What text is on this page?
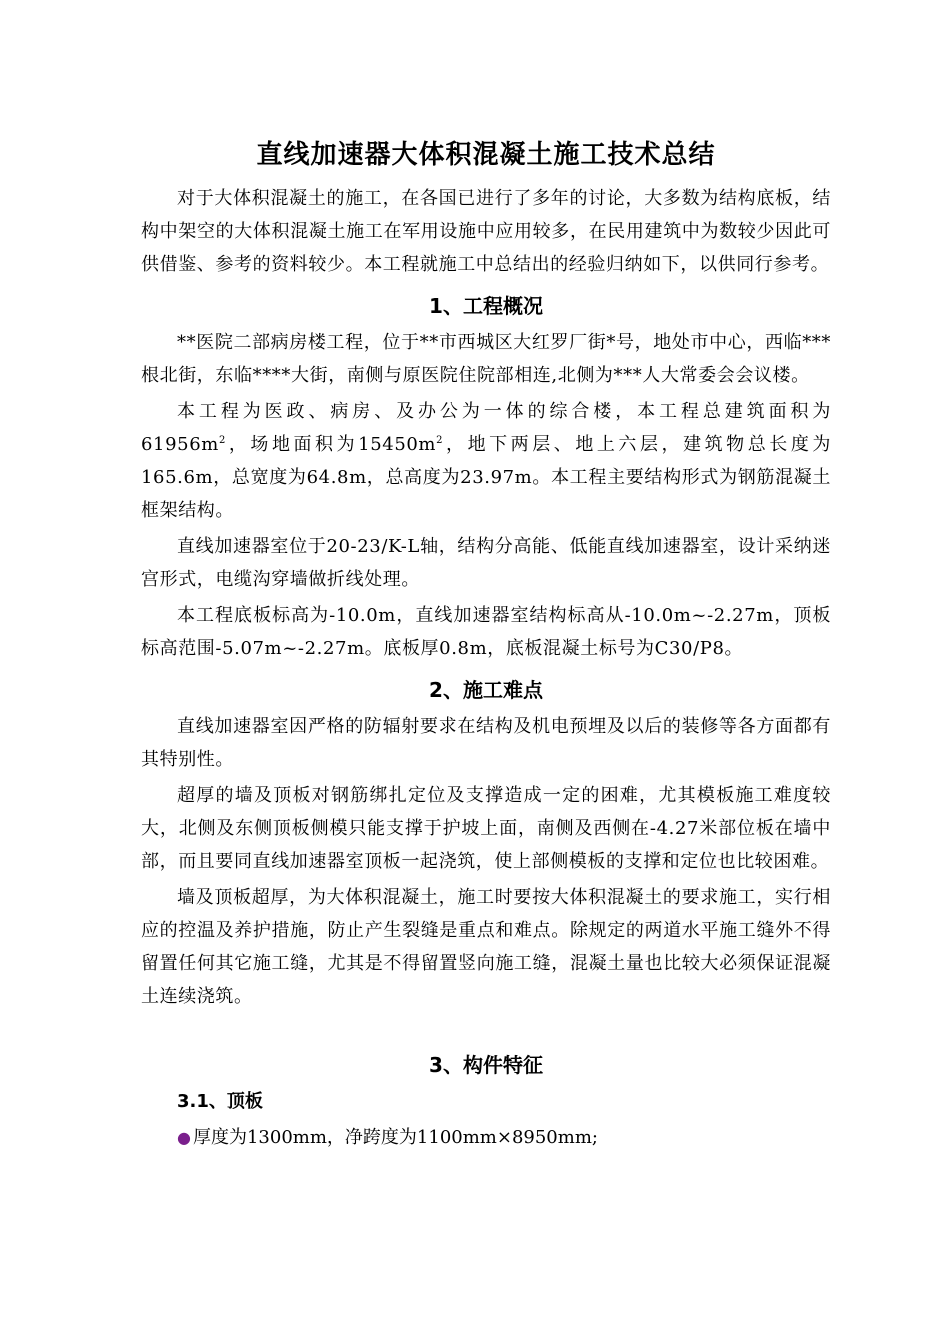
直线加速器大体积混凝土施工技术总结

对于大体积混凝土的施工，在各国已进行了多年的讨论，大多数为结构底板，结构中架空的大体积混凝土施工在军用设施中应用较多，在民用建筑中为数较少因此可供借鉴、参考的资料较少。本工程就施工中总结出的经验归纳如下，以供同行参考。

1、工程概况

**医院二部病房楼工程，位于**市西城区大红罗厂街*号，地处市中心，西临***根北街，东临****大街，南侧与原医院住院部相连,北侧为***人大常委会会议楼。

本工程为医政、病房、及办公为一体的综合楼，本工程总建筑面积为$61956m^2$，场地面积为$15450m^2$，地下两层、地上六层，建筑物总长度为165.6m，总宽度为64.8m，总高度为23.97m。本工程主要结构形式为钢筋混凝土框架结构。

直线加速器室位于20-23/K-L轴，结构分高能、低能直线加速器室，设计采纳迷宫形式，电缆沟穿墙做折线处理。

本工程底板标高为-10.0m，直线加速器室结构标高从-10.0m~-2.27m，顶板标高范围-5.07m~-2.27m。底板厚0.8m，底板混凝土标号为C30/P8。

2、施工难点

直线加速器室因严格的防辐射要求在结构及机电预埋及以后的装修等各方面都有其特别性。

超厚的墙及顶板对钢筋绑扎定位及支撑造成一定的困难，尤其模板施工难度较大，北侧及东侧顶板侧模只能支撑于护坡上面，南侧及西侧在-4.27米部位板在墙中部，而且要同直线加速器室顶板一起浇筑，使上部侧模板的支撑和定位也比较困难。

墙及顶板超厚，为大体积混凝土，施工时要按大体积混凝土的要求施工，实行相应的控温及养护措施，防止产生裂缝是重点和难点。除规定的两道水平施工缝外不得留置任何其它施工缝，尤其是不得留置竖向施工缝，混凝土量也比较大必须保证混凝土连续浇筑。

3、构件特征
3.1、顶板
● 厚度为1300mm，净跨度为1100mm×8950mm;
